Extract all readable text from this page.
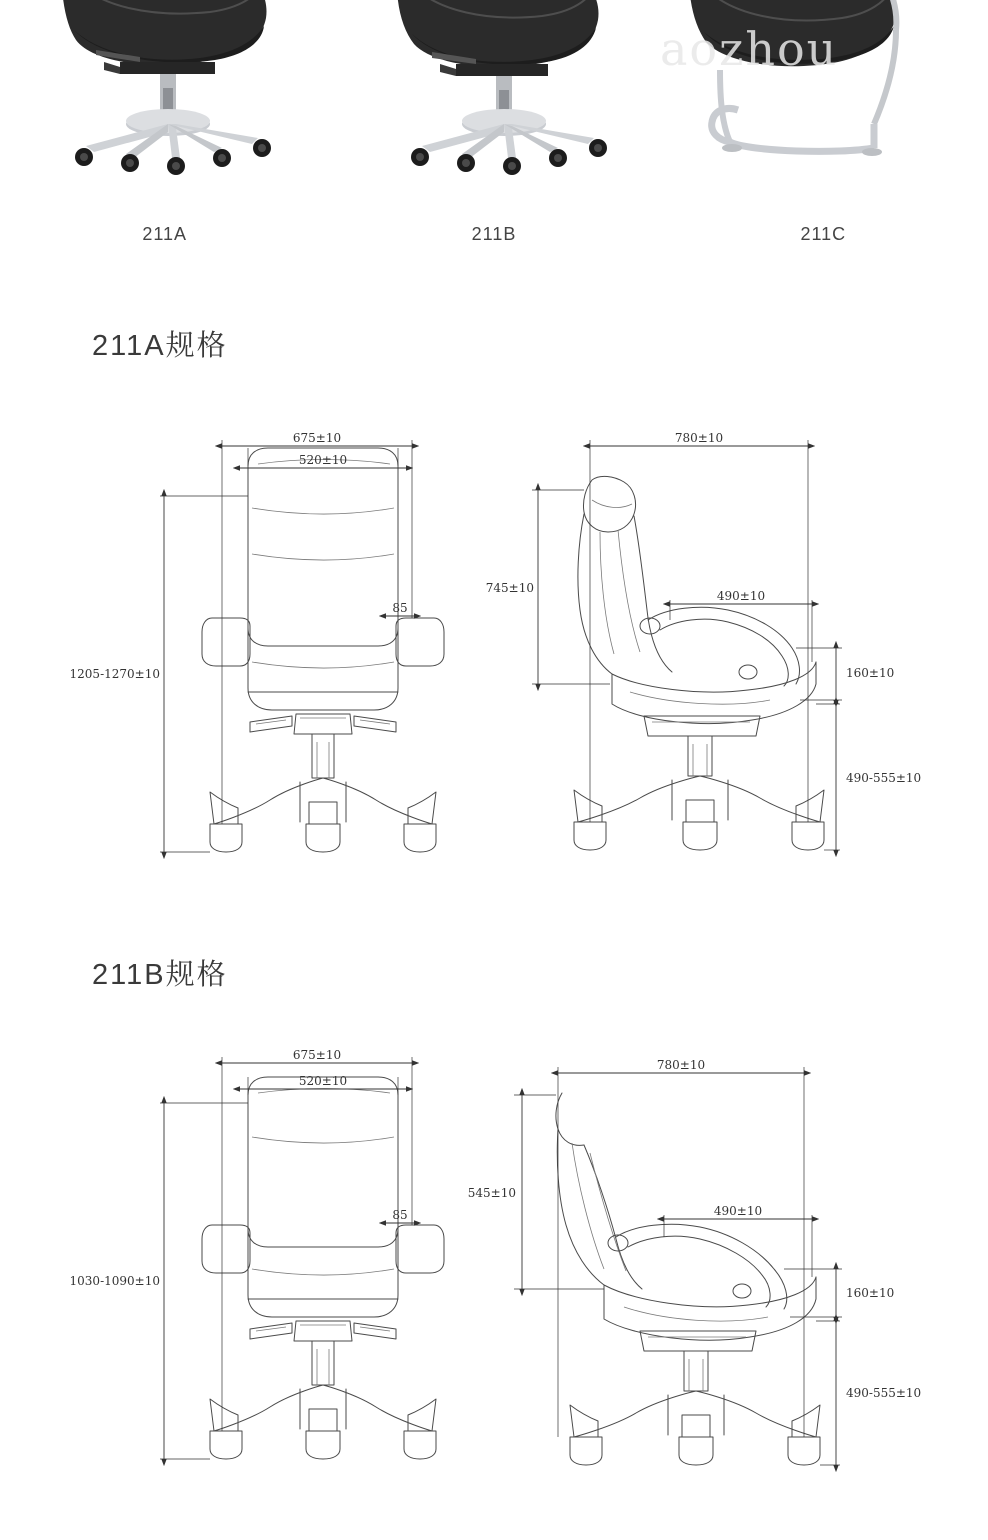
aozhou
211A	211B	211C
211A规格
675±10
520±10
85
1205-1270±10
780±10
745±10
490±10
160±10
490-555±10
211B规格
675±10
520±10
85
1030-1090±10
780±10
545±10
490±10
160±10
490-555±10
